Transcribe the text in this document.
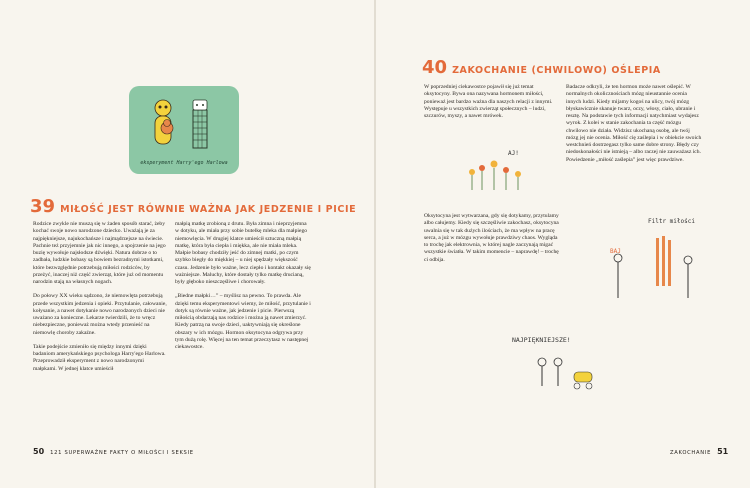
eksperyment Harry'ego Harlowa
39 MIŁOŚĆ JEST RÓWNIE WAŻNA JAK JEDZENIE I PICIE

Rodzice zwykle nie muszą się w żaden sposób starać, żeby kochać swoje nowo narodzone dziecko. Uważają je za najpiękniejsze, najukochańsze i najmądrzejsze na świecie. Pachnie też przyjemnie jak nic innego, a spojrzenie na jego buzię wywołuje najsłodsze dźwięki. Natura dobrze o to zadbała, ludzkie bobasy są bowiem bezradnymi istotkami, które bezwzględnie potrzebują miłości rodziców, by przeżyć, inaczej niż część zwierząt, które już od momentu narodzin stają na własnych nogach.

Do połowy XX wieku sądzono, że niemowlęta potrzebują przede wszystkim jedzenia i opieki. Przytulanie, całowanie, kołysanie, a nawet dotykanie nowo narodzonych dzieci nie uważano za konieczne. Lekarze twierdzili, że to wręcz niebezpieczne, ponieważ można wtedy przenieść na niemowlę choroby zakaźne.

Takie podejście zmieniło się między innymi dzięki badaniom amerykańskiego psychologa Harry'ego Harlowa. Przeprowadził eksperyment z nowo narodzonymi małpkami. W jednej klatce umieścił

małpią matkę zrobioną z drutu. Była zimna i nieprzyjemna w dotyku, ale miała przy sobie butelkę mleka dla małpiego niemowlęcia. W drugiej klatce umieścił sztuczną małpią matkę, która była ciepła i miękka, ale nie miała mleka. Małpie bobasy chodziły jeść do zimnej matki, po czym szybko biegły do miękkiej – u niej spędzały większość czasu. Jedzenie było ważne, lecz ciepło i kontakt okazały się ważniejsze. Maluchy, które dostały tylko matkę drucianą, były głęboko nieszczęśliwe i chorowały.

„Biedne małpki…” – myślisz na pewno. To prawda. Ale dzięki temu eksperymentowi wiemy, że miłość, przytulanie i dotyk są równie ważne, jak jedzenie i picie. Pierwszą miłością obdarzają nas rodzice i można ją nawet zmierzyć. Kiedy patrzą na swoje dzieci, uaktywniają się określone obszary w ich mózgu. Hormon oksytocyna odgrywa przy tym dużą rolę. Więcej na ten temat przeczytasz w następnej ciekawostce.

50 121 SUPERWAŻNE FAKTY O MIŁOŚCI I SEKSIE
40 ZAKOCHANIE (CHWILOWO) OŚLEPIA

W poprzedniej ciekawostce pojawił się już temat oksytocyny. Bywa ona nazywana hormonem miłości, ponieważ jest bardzo ważna dla naszych relacji z innymi. Występuje u wszystkich zwierząt społecznych – ludzi, szczurów, myszy, a nawet mrówek.

Oksytocyna jest wytwarzana, gdy się dotykamy, przytulamy albo całujemy. Kiedy się szczęśliwie zakochasz, oksytocyna uwalnia się w tak dużych ilościach, że ma wpływ na pracę serca, a już w mózgu wywołuje prawdziwy chaos. Wygląda to trochę jak elektrownia, w której nagle zaczynają migać wszystkie światła. W takim momencie – naprawdę! – trochę ci odbija.

Badacze odkryli, że ten hormon może nawet oślepić. W normalnych okolicznościach mózg nieustannie ocenia innych ludzi. Kiedy mijamy kogoś na ulicy, twój mózg błyskawicznie skanuje twarz, oczy, włosy, ciało, ubranie i resztę. Na podstawie tych informacji natychmiast wydajesz wyrok. Z kolei w stanie zakochania ta część mózgu chwilowo nie działa. Widzisz ukochaną osobę, ale twój mózg jej nie ocenia. Miłość cię zaślepia i w obiekcie swoich westchnień dostrzegasz tylko same dobre strony. Błędy czy niedoskonałości nie istnieją – albo raczej nie zauważasz ich. Powiedzenie „miłość zaślepia” jest więc prawdziwe.

AJ!
Filtr miłości
BAJ
NAJPIĘKNIEJSZE!
ZAKOCHANIE 51
